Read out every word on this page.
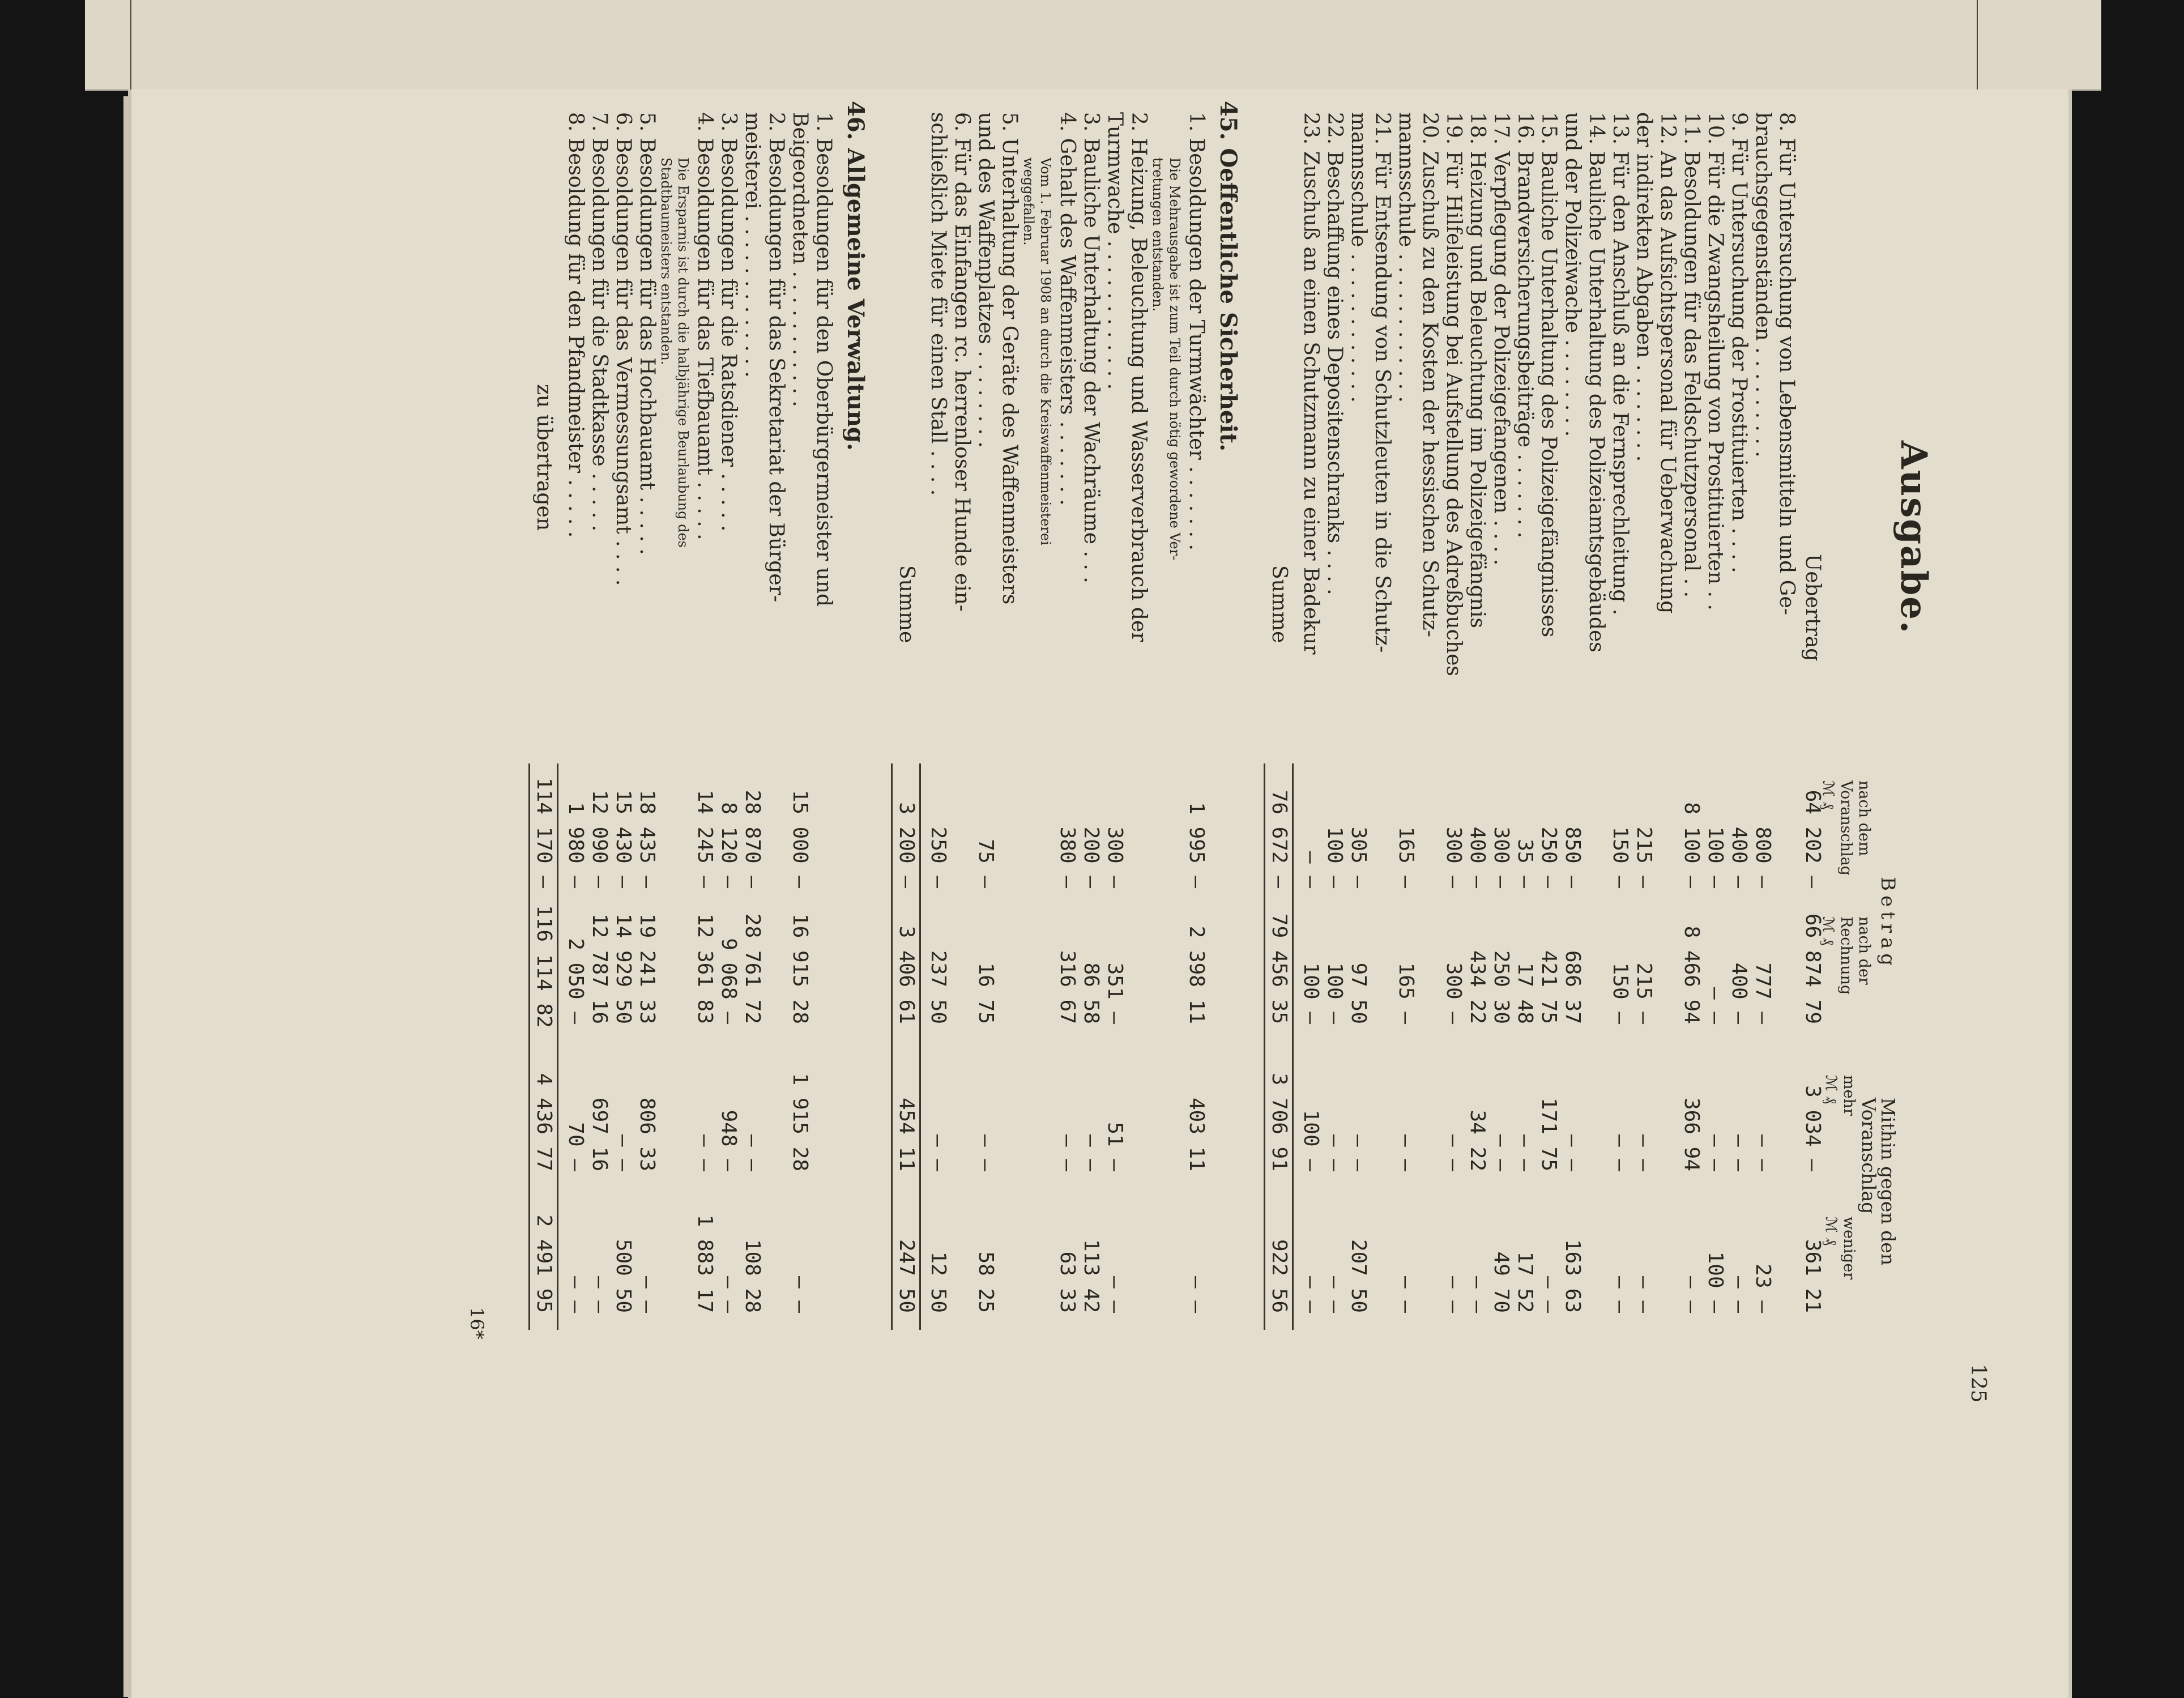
125
Ausgabe.
Betrag
nach dem
Voranschlag
ℳ ₰
nach der
Rechnung
ℳ ₰
Mithin gegen den
Voranschlag
mehr
ℳ ₰
weniger
ℳ ₰
Uebertrag
64 202 —
66 874 79
3 034 —
361 21
8. Für Untersuchung von Lebensmitteln und Ge-
brauchsgegenständen . . . . . . . . .
800 —
777 —
— —
23 —
9. Für Untersuchung der Prostituierten . . . .
400 —
400 —
— —
— —
10. Für die Zwangsheilung von Prostituierten . .
100 —
— —
— —
100 —
11. Besoldungen für das Feldschutzpersonal . .
8 100 —
8 466 94
366 94
— —
12. An das Aufsichtspersonal für Ueberwachung
der indirekten Abgaben . . . . . . . .
215 —
215 —
— —
— —
13. Für den Anschluß an die Fernsprechleitung .
150 —
150 —
— —
— —
14. Bauliche Unterhaltung des Polizeiamtsgebäudes
und der Polizeiwache . . . . . . . .
850 —
686 37
— —
163 63
15. Bauliche Unterhaltung des Polizeigefängnisses
250 —
421 75
171 75
— —
16. Brandversicherungsbeiträge . . . . . . .
35 —
17 48
— —
17 52
17. Verpflegung der Polizeigefangenen . . . .
300 —
250 30
— —
49 70
18. Heizung und Beleuchtung im Polizeigefängnis
400 —
434 22
34 22
— —
19. Für Hilfeleistung bei Aufstellung des Adreßbuches
300 —
300 —
— —
— —
20. Zuschuß zu den Kosten der hessischen Schutz-
mannsschule . . . . . . . . . . . .
165 —
165 —
— —
— —
21. Für Entsendung von Schutzleuten in die Schutz-
mannsschule . . . . . . . . . . . .
305 —
97 50
— —
207 50
22. Beschaffung eines Depositenschranks . . . .
100 —
100 —
— —
— —
23. Zuschuß an einen Schutzmann zu einer Badekur
— —
100 —
100 —
— —
Summe
76 672 —
79 456 35
3 706 91
922 56
45. Oeffentliche Sicherheit.
1. Besoldungen der Turmwächter . . . . . . .
Die Mehrausgabe ist zum Teil durch nötig gewordene Ver-
tretungen entstanden.
1 995 —
2 398 11
403 11
— —
2. Heizung, Beleuchtung und Wasserverbrauch der
Turmwache . . . . . . . . . . . .
300 —
351 —
51 —
— —
3. Bauliche Unterhaltung der Wachräume . . .
200 —
86 58
— —
113 42
4. Gehalt des Waffenmeisters . . . . . . .
Vom 1. Februar 1908 an durch die Kreiswaffenmeisterei
weggefallen.
380 —
316 67
— —
63 33
5. Unterhaltung der Geräte des Waffenmeisters
und des Waffenplatzes . . . . . . . .
75 —
16 75
— —
58 25
6. Für das Einfangen rc. herrenloser Hunde ein-
schließlich Miete für einen Stall . . . .
250 —
237 50
— —
12 50
Summe
3 200 —
3 406 61
454 11
247 50
46. Allgemeine Verwaltung.
1. Besoldungen für den Oberbürgermeister und
Beigeordneten . . . . . . . . . . .
15 000 —
16 915 28
1 915 28
— —
2. Besoldungen für das Sekretariat der Bürger-
meisterei . . . . . . . . . . . . .
28 870 —
28 761 72
— —
108 28
3. Besoldungen für die Ratsdiener . . . . .
8 120 —
9 068 —
948 —
— —
4. Besoldungen für das Tiefbauamt . . . . .
Die Ersparnis ist durch die halbjährige Beurlaubung des
Stadtbaumeisters entstanden.
14 245 —
12 361 83
— —
1 883 17
5. Besoldungen für das Hochbauamt . . . . .
18 435 —
19 241 33
806 33
— —
6. Besoldungen für das Vermessungsamt . . . .
15 430 —
14 929 50
— —
500 50
7. Besoldungen für die Stadtkasse . . . . .
12 090 —
12 787 16
697 16
— —
8. Besoldung für den Pfandmeister . . . . .
1 980 —
2 050 —
70 —
— —
zu übertragen
114 170 —
116 114 82
4 436 77
2 491 95
16*
